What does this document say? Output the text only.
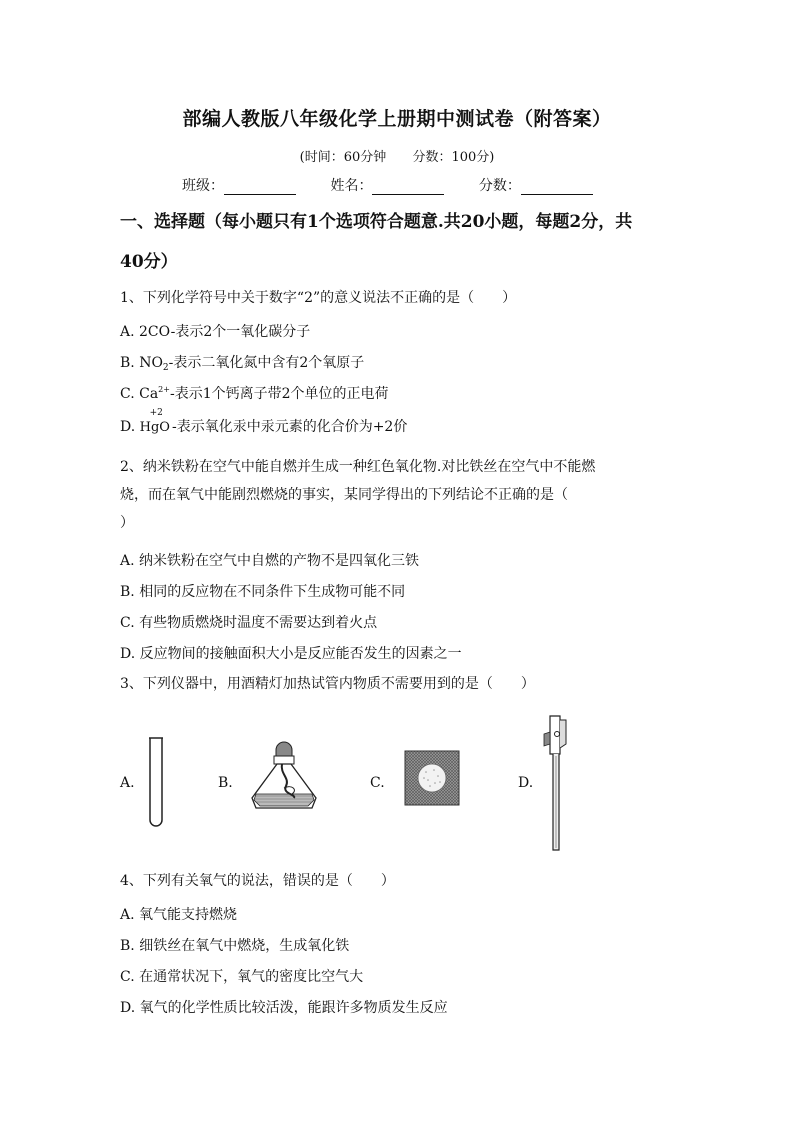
部编人教版八年级化学上册期中测试卷（附答案）
(时间：60分钟 分数：100分)
班级：	姓名：	分数：
一、选择题（每小题只有1个选项符合题意.共20小题，每题2分，共
40分）
1、下列化学符号中关于数字“2”的意义说法不正确的是（　　）
A. 2CO-表示2个一氧化碳分子
B. $NO_2-$表示二氧化氮中含有2个氧原子
C. $Ca^{2+}-$表示1个钙离子带2个单位的正电荷
D.
+2
HgO -表示氧化汞中汞元素的化合价为+2价
2、纳米铁粉在空气中能自燃并生成一种红色氧化物.对比铁丝在空气中不能燃
烧，而在氧气中能剧烈燃烧的事实，某同学得出的下列结论不正确的是（
）
A. 纳米铁粉在空气中自燃的产物不是四氧化三铁
B. 相同的反应物在不同条件下生成物可能不同
C. 有些物质燃烧时温度不需要达到着火点
D. 反应物间的接触面积大小是反应能否发生的因素之一
3、下列仪器中，用酒精灯加热试管内物质不需要用到的是（　　）
A.	B.	C.	D.
4、下列有关氧气的说法，错误的是（　　）
A. 氧气能支持燃烧
B. 细铁丝在氧气中燃烧，生成氧化铁
C. 在通常状况下，氧气的密度比空气大
D. 氧气的化学性质比较活泼，能跟许多物质发生反应
